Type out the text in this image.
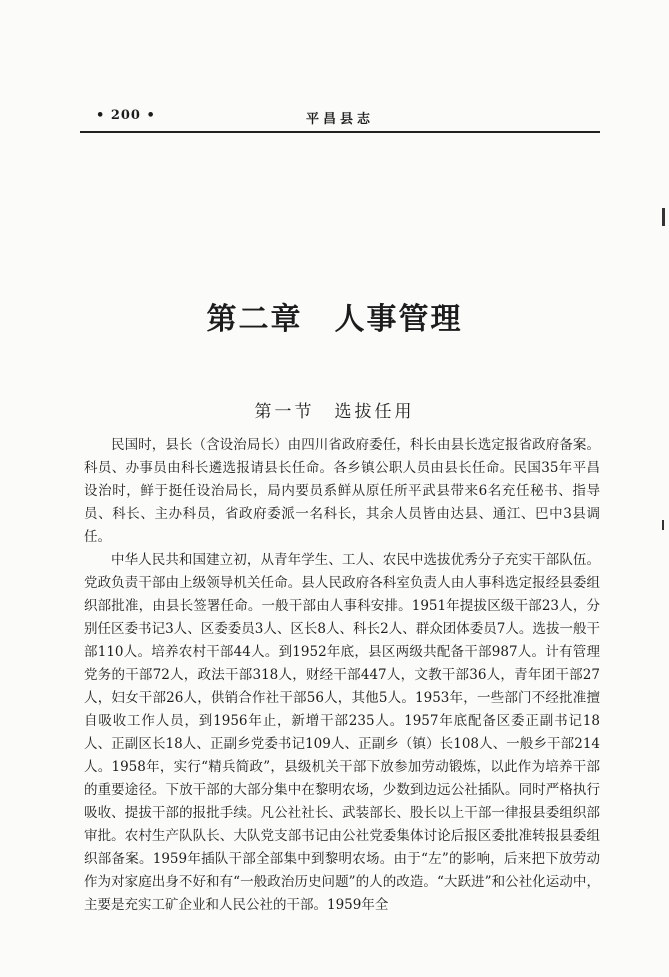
• 200 •	平昌县志
第二章　人事管理
第一节　选拔任用

民国时，县长（含设治局长）由四川省政府委任，科长由县长选定报省政府备案。科员、办事员由科长遴选报请县长任命。各乡镇公职人员由县长任命。民国35年平昌设治时，鲜于挺任设治局长，局内要员系鲜从原任所平武县带来6名充任秘书、指导员、科长、主办科员，省政府委派一名科长，其余人员皆由达县、通江、巴中3县调任。

中华人民共和国建立初，从青年学生、工人、农民中选拔优秀分子充实干部队伍。党政负责干部由上级领导机关任命。县人民政府各科室负责人由人事科选定报经县委组织部批准，由县长签署任命。一般干部由人事科安排。1951年提拔区级干部23人，分别任区委书记3人、区委委员3人、区长8人、科长2人、群众团体委员7人。选拔一般干部110人。培养农村干部44人。到1952年底，县区两级共配备干部987人。计有管理党务的干部72人，政法干部318人，财经干部447人，文教干部36人，青年团干部27人，妇女干部26人，供销合作社干部56人，其他5人。1953年，一些部门不经批准擅自吸收工作人员，到1956年止，新增干部235人。1957年底配备区委正副书记18人、正副区长18人、正副乡党委书记109人、正副乡（镇）长108人、一般乡干部214人。1958年，实行“精兵简政”，县级机关干部下放参加劳动锻炼，以此作为培养干部的重要途径。下放干部的大部分集中在黎明农场，少数到边远公社插队。同时严格执行吸收、提拔干部的报批手续。凡公社社长、武装部长、股长以上干部一律报县委组织部审批。农村生产队队长、大队党支部书记由公社党委集体讨论后报区委批准转报县委组织部备案。1959年插队干部全部集中到黎明农场。由于“左”的影响，后来把下放劳动作为对家庭出身不好和有“一般政治历史问题”的人的改造。“大跃进”和公社化运动中，主要是充实工矿企业和人民公社的干部。1959年全
